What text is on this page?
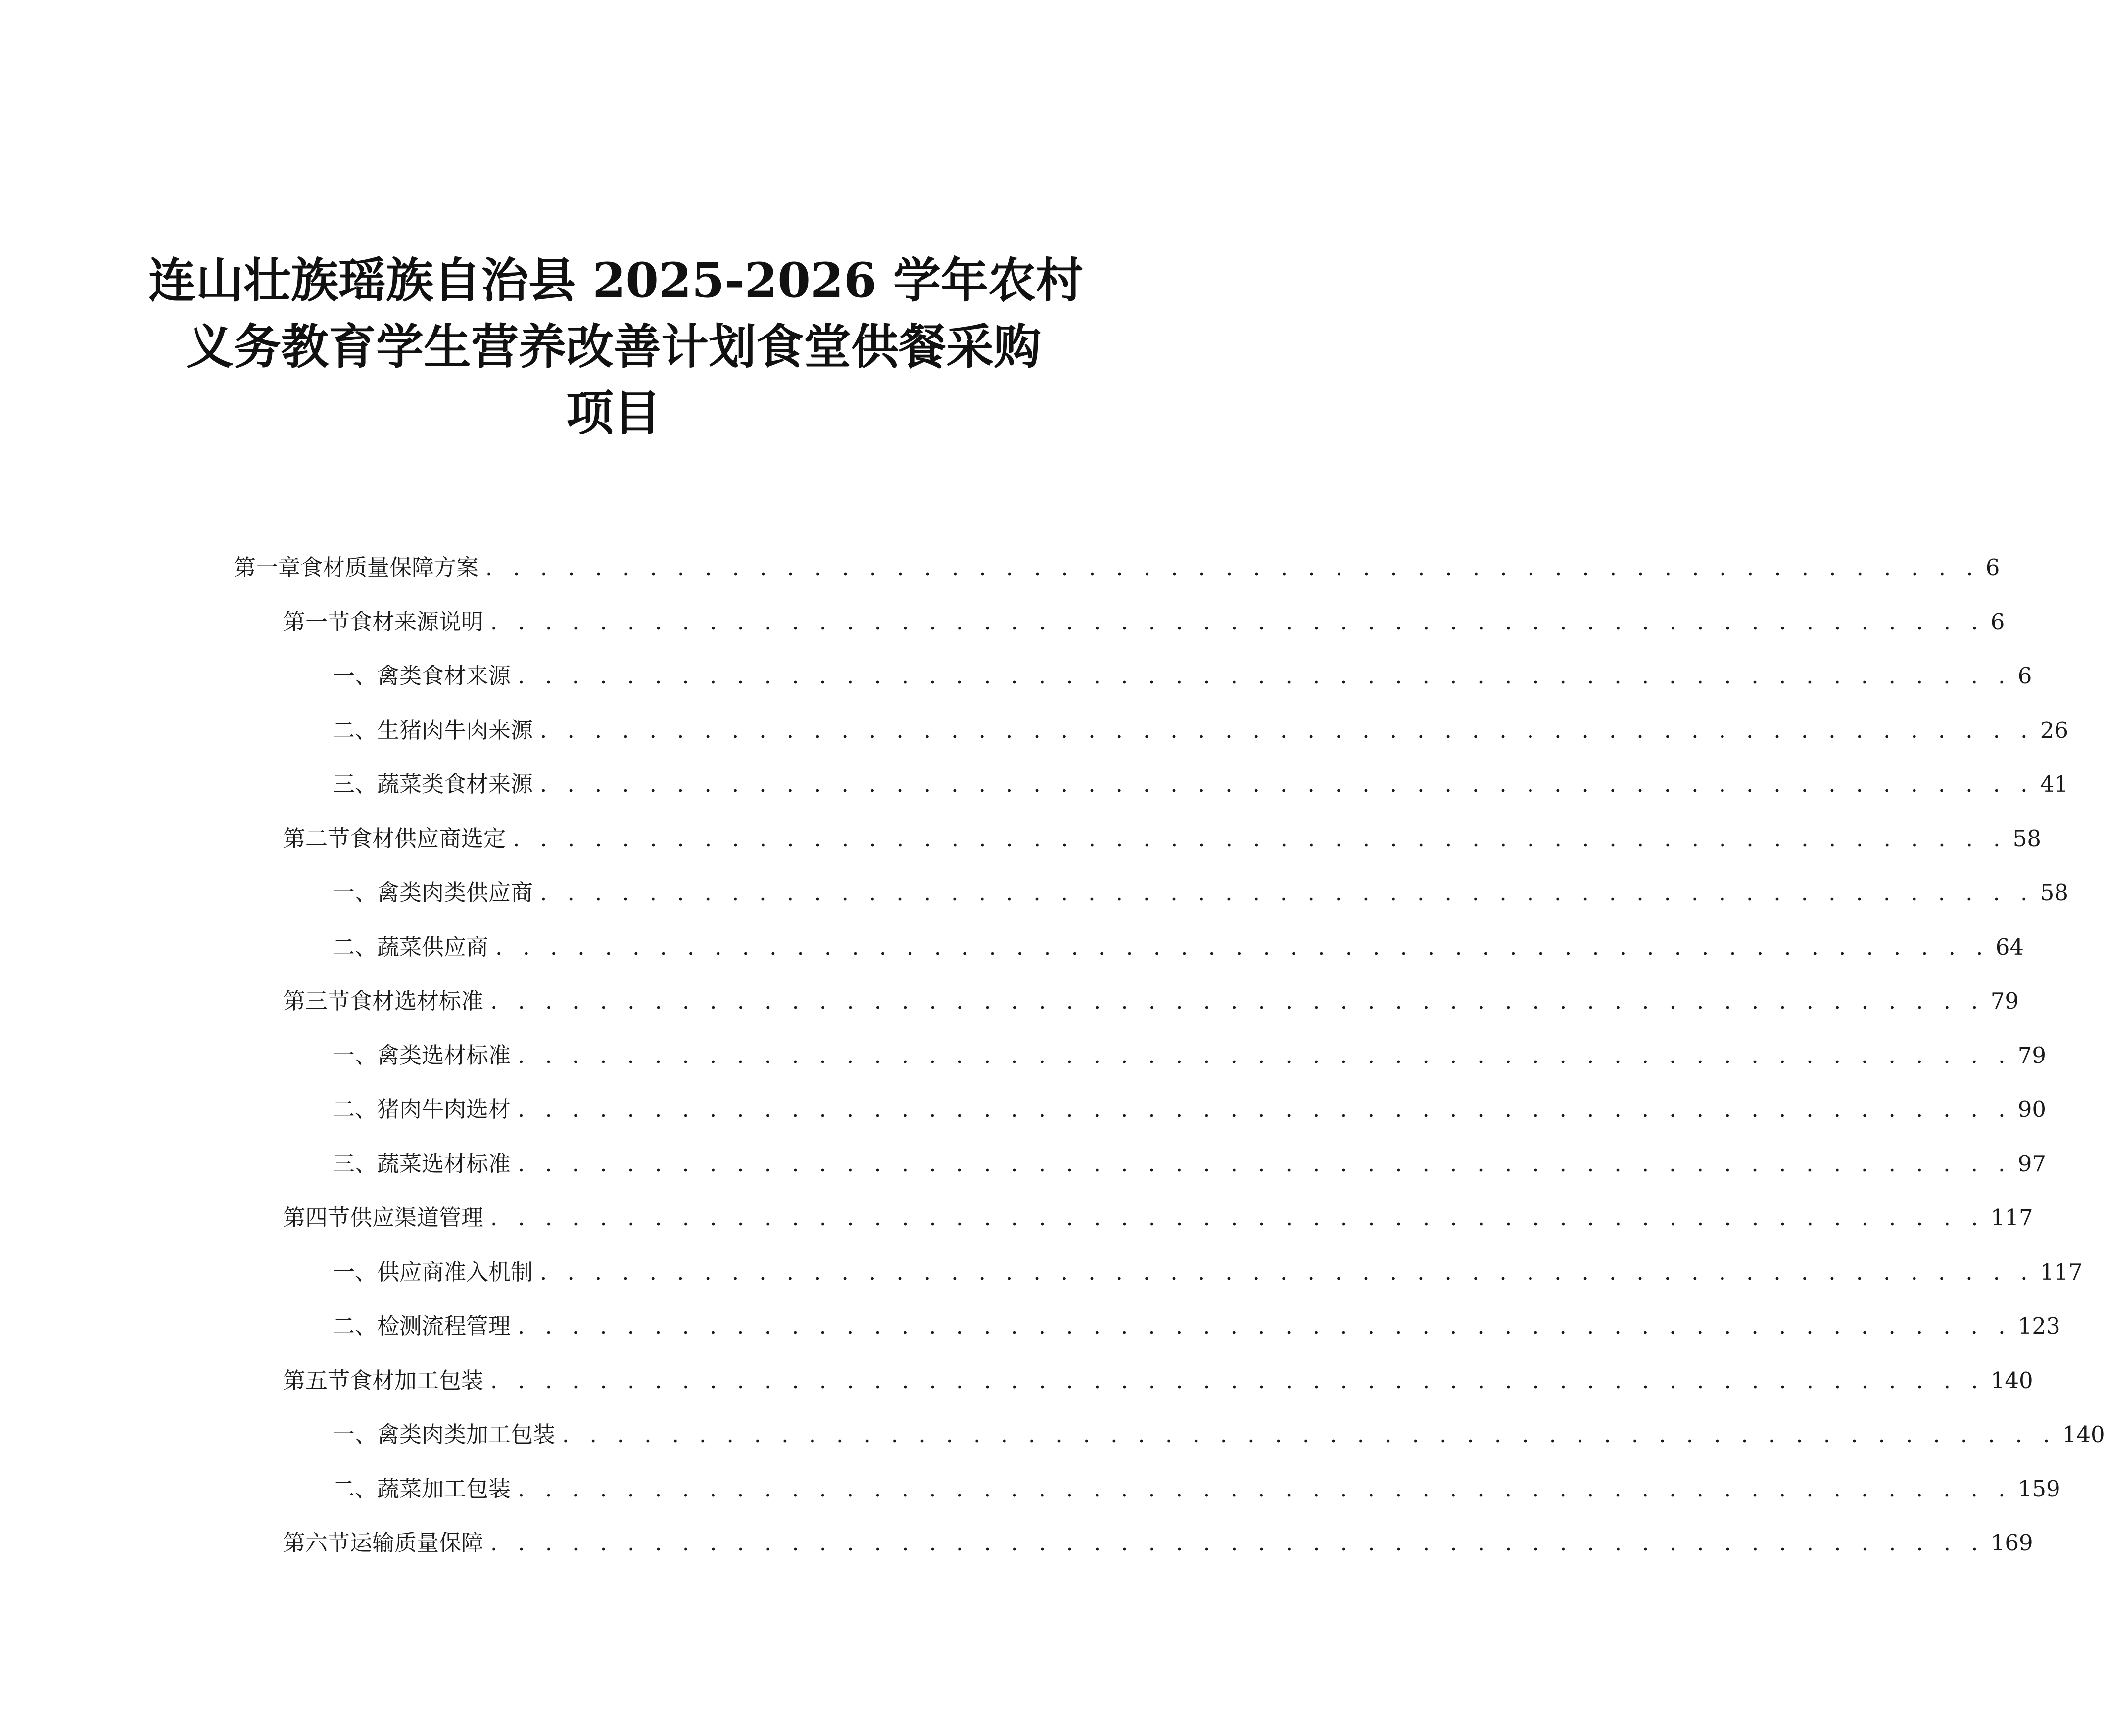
连山壮族瑶族自治县 2025-2026 学年农村
义务教育学生营养改善计划食堂供餐采购
项目
第一章 食材质量保障方案 . . . . . . . . . . . . . . . . . . . . . . . . . . . . . . . . . . . . . . . . . . . . . . . . . . . . . . . 6
第一节 食材来源说明 . . . . . . . . . . . . . . . . . . . . . . . . . . . . . . . . . . . . . . . . . . . . . . . . . . . . . . . 6
一、 禽类食材来源 . . . . . . . . . . . . . . . . . . . . . . . . . . . . . . . . . . . . . . . . . . . . . . . . . . . . . . . 6
二、 生猪肉牛肉来源 . . . . . . . . . . . . . . . . . . . . . . . . . . . . . . . . . . . . . . . . . . . . . . . . . . . . . . . 26
三、 蔬菜类食材来源 . . . . . . . . . . . . . . . . . . . . . . . . . . . . . . . . . . . . . . . . . . . . . . . . . . . . . . . 41
第二节 食材供应商选定 . . . . . . . . . . . . . . . . . . . . . . . . . . . . . . . . . . . . . . . . . . . . . . . . . . . . . . . 58
一、 禽类肉类供应商 . . . . . . . . . . . . . . . . . . . . . . . . . . . . . . . . . . . . . . . . . . . . . . . . . . . . . . . 58
二、 蔬菜供应商 . . . . . . . . . . . . . . . . . . . . . . . . . . . . . . . . . . . . . . . . . . . . . . . . . . . . . . . 64
第三节 食材选材标准 . . . . . . . . . . . . . . . . . . . . . . . . . . . . . . . . . . . . . . . . . . . . . . . . . . . . . . . 79
一、 禽类选材标准 . . . . . . . . . . . . . . . . . . . . . . . . . . . . . . . . . . . . . . . . . . . . . . . . . . . . . . . 79
二、 猪肉牛肉选材 . . . . . . . . . . . . . . . . . . . . . . . . . . . . . . . . . . . . . . . . . . . . . . . . . . . . . . . 90
三、 蔬菜选材标准 . . . . . . . . . . . . . . . . . . . . . . . . . . . . . . . . . . . . . . . . . . . . . . . . . . . . . . . 97
第四节 供应渠道管理 . . . . . . . . . . . . . . . . . . . . . . . . . . . . . . . . . . . . . . . . . . . . . . . . . . . . . . . 117
一、 供应商准入机制 . . . . . . . . . . . . . . . . . . . . . . . . . . . . . . . . . . . . . . . . . . . . . . . . . . . . . . . 117
二、 检测流程管理 . . . . . . . . . . . . . . . . . . . . . . . . . . . . . . . . . . . . . . . . . . . . . . . . . . . . . . . 123
第五节 食材加工包装 . . . . . . . . . . . . . . . . . . . . . . . . . . . . . . . . . . . . . . . . . . . . . . . . . . . . . . . 140
一、 禽类肉类加工包装 . . . . . . . . . . . . . . . . . . . . . . . . . . . . . . . . . . . . . . . . . . . . . . . . . . . . . . . 140
二、 蔬菜加工包装 . . . . . . . . . . . . . . . . . . . . . . . . . . . . . . . . . . . . . . . . . . . . . . . . . . . . . . . 159
第六节 运输质量保障 . . . . . . . . . . . . . . . . . . . . . . . . . . . . . . . . . . . . . . . . . . . . . . . . . . . . . . . 169
